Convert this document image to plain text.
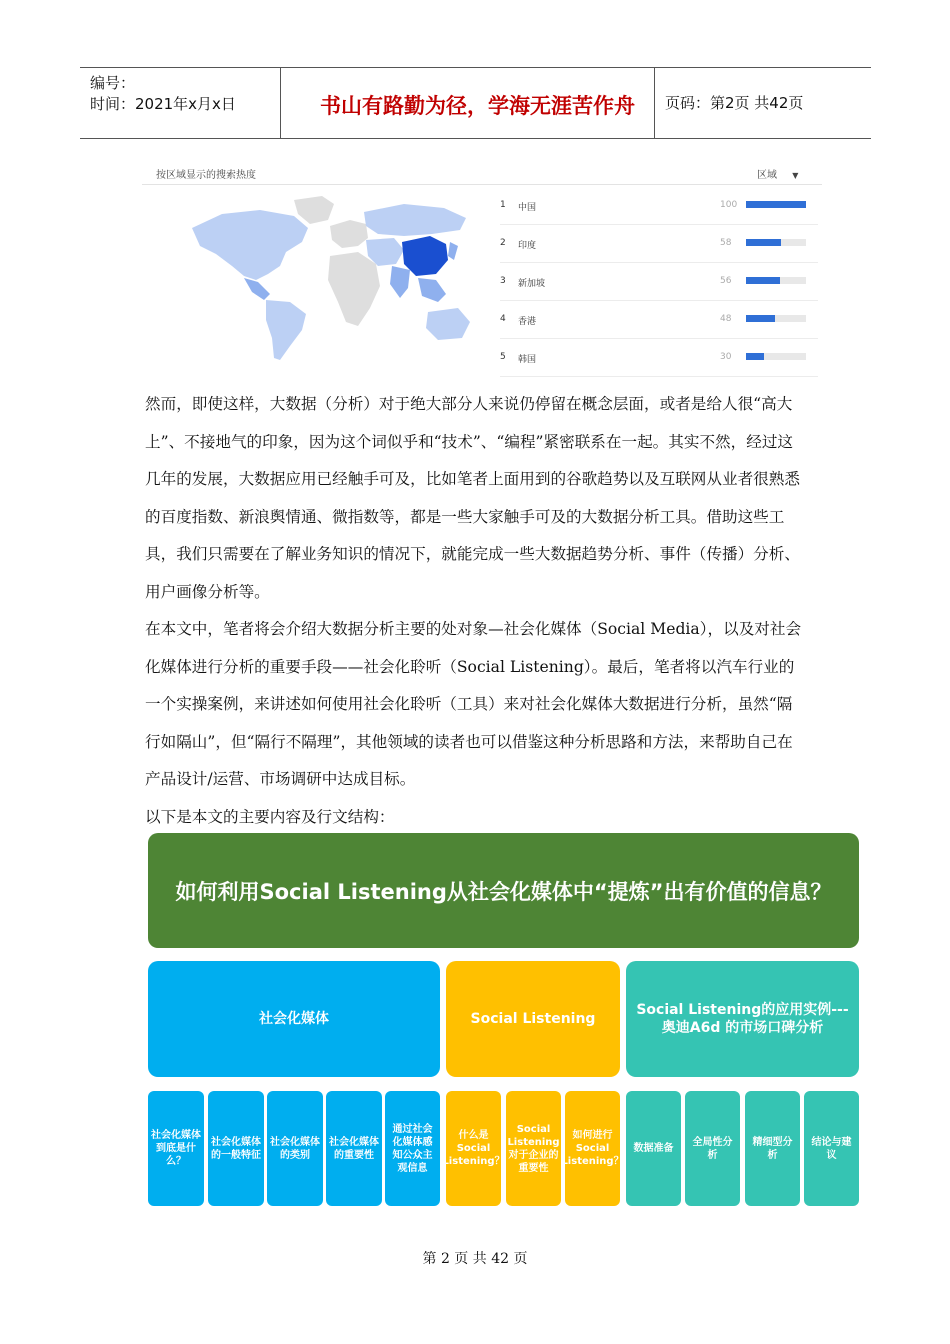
编号：
时间：2021年x月x日	书山有路勤为径，学海无涯苦作舟	页码：第2页 共42页
按区域显示的搜索热度	区域 ▼
1 中国	100
2 印度	58
3 新加坡	56
4 香港	48
5 韩国	30

然而，即使这样，大数据（分析）对于绝大部分人来说仍停留在概念层面，或者是给人很“高大上”、不接地气的印象，因为这个词似乎和“技术”、“编程”紧密联系在一起。其实不然，经过这几年的发展，大数据应用已经触手可及，比如笔者上面用到的谷歌趋势以及互联网从业者很熟悉的百度指数、新浪舆情通、微指数等，都是一些大家触手可及的大数据分析工具。借助这些工具，我们只需要在了解业务知识的情况下，就能完成一些大数据趋势分析、事件（传播）分析、用户画像分析等。

在本文中，笔者将会介绍大数据分析主要的处对象—社会化媒体（Social Media），以及对社会化媒体进行分析的重要手段——社会化聆听（Social Listening）。最后，笔者将以汽车行业的一个实操案例，来讲述如何使用社会化聆听（工具）来对社会化媒体大数据进行分析，虽然“隔行如隔山”，但“隔行不隔理”，其他领域的读者也可以借鉴这种分析思路和方法，来帮助自己在产品设计/运营、市场调研中达成目标。

以下是本文的主要内容及行文结构：

如何利用Social Listening从社会化媒体中“提炼”出有价值的信息？
社会化媒体	Social Listening
Social Listening的应用实例---奥迪A6d 的市场口碑分析
社会化媒体到底是什么？
社会化媒体的一般特征
社会化媒体的类别
社会化媒体的重要性
通过社会化媒体感知公众主观信息
什么是Social Listening？
Social Listening对于企业的重要性
如何进行Social Listening？
数据准备
全局性分析
精细型分析
结论与建议
第 2 页 共 42 页
